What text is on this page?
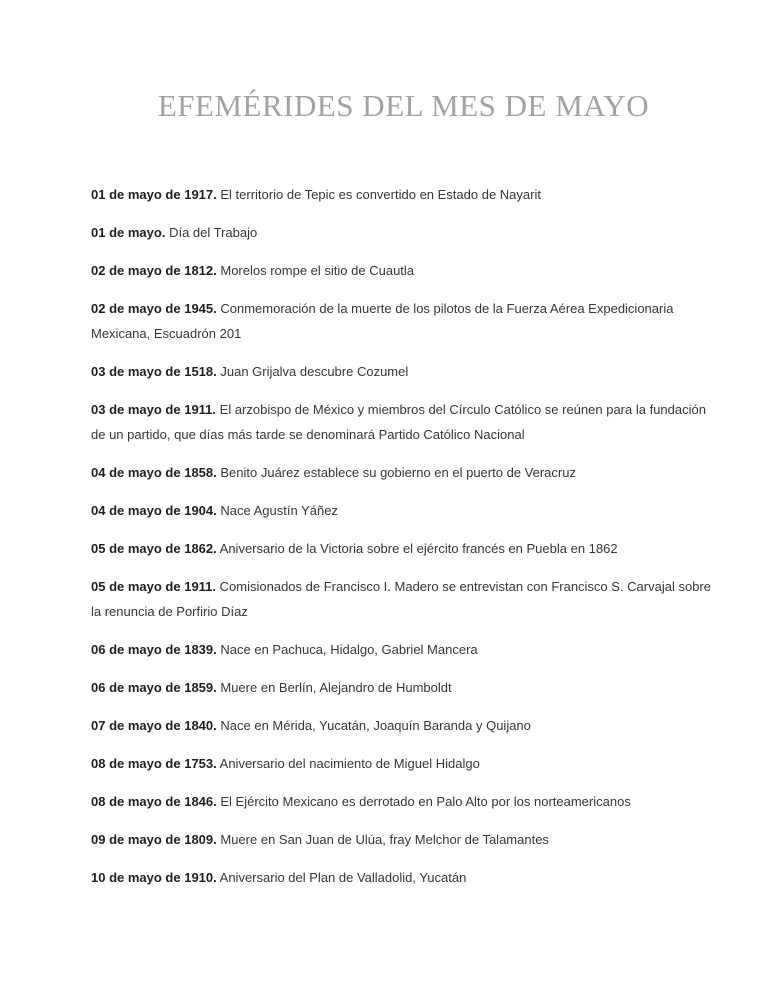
EFEMÉRIDES DEL MES DE MAYO

01 de mayo de 1917. El territorio de Tepic es convertido en Estado de Nayarit

01 de mayo. Día del Trabajo

02 de mayo de 1812. Morelos rompe el sitio de Cuautla

02 de mayo de 1945. Conmemoración de la muerte de los pilotos de la Fuerza Aérea Expedicionaria Mexicana, Escuadrón 201

03 de mayo de 1518. Juan Grijalva descubre Cozumel

03 de mayo de 1911. El arzobispo de México y miembros del Círculo Católico se reúnen para la fundación de un partido, que días más tarde se denominará Partido Católico Nacional

04 de mayo de 1858. Benito Juárez establece su gobierno en el puerto de Veracruz

04 de mayo de 1904. Nace Agustín Yáñez

05 de mayo de 1862. Aniversario de la Victoria sobre el ejército francés en Puebla en 1862

05 de mayo de 1911. Comisionados de Francisco I. Madero se entrevistan con Francisco S. Carvajal sobre la renuncia de Porfirio Díaz

06 de mayo de 1839. Nace en Pachuca, Hidalgo, Gabriel Mancera

06 de mayo de 1859. Muere en Berlín, Alejandro de Humboldt

07 de mayo de 1840. Nace en Mérida, Yucatán, Joaquín Baranda y Quijano

08 de mayo de 1753. Aniversario del nacimiento de Miguel Hidalgo

08 de mayo de 1846. El Ejército Mexicano es derrotado en Palo Alto por los norteamericanos

09 de mayo de 1809. Muere en San Juan de Ulúa, fray Melchor de Talamantes

10 de mayo de 1910. Aniversario del Plan de Valladolid, Yucatán
